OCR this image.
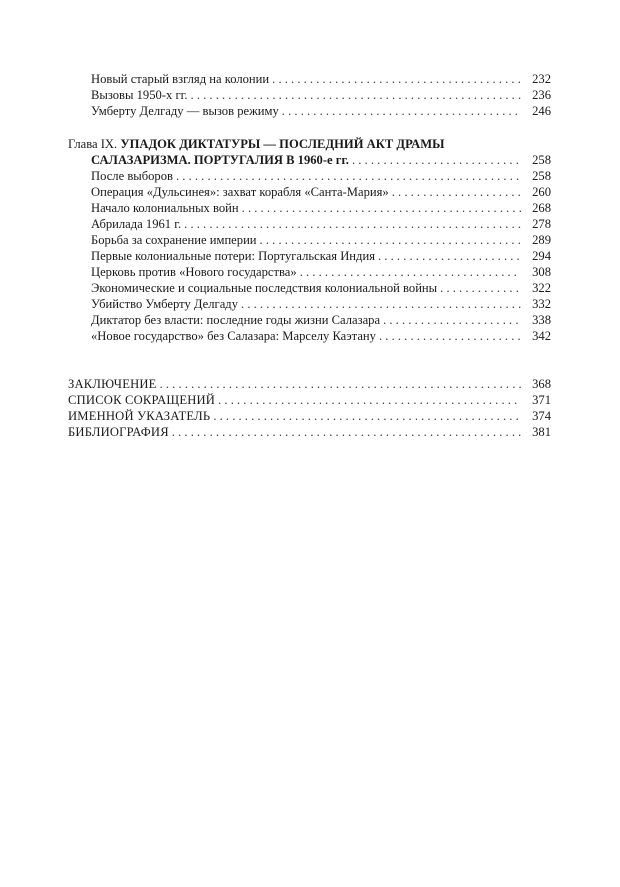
Новый старый взгляд на колонии . . .	232
Вызовы 1950-х гг. . . .	236
Умберту Делгаду — вызов режиму . . .	246
Глава IX. УПАДОК ДИКТАТУРЫ — ПОСЛЕДНИЙ АКТ ДРАМЫ
САЛАЗАРИЗМА. ПОРТУГАЛИЯ В 1960-е гг. . . .	258
После выборов . . .	258
Операция «Дульсинея»: захват корабля «Санта-Мария» . . .	260
Начало колониальных войн . . .	268
Абрилада 1961 г. . . .	278
Борьба за сохранение империи . . .	289
Первые колониальные потери: Португальская Индия . . .	294
Церковь против «Нового государства» . . .	308
Экономические и социальные последствия колониальной войны . . .	322
Убийство Умберту Делгаду . . .	332
Диктатор без власти: последние годы жизни Салазара . . .	338
«Новое государство» без Салазара: Марселу Каэтану . . .	342
ЗАКЛЮЧЕНИЕ . . .	368
СПИСОК СОКРАЩЕНИЙ . . .	371
ИМЕННОЙ УКАЗАТЕЛЬ . . .	374
БИБЛИОГРАФИЯ . . .	381
